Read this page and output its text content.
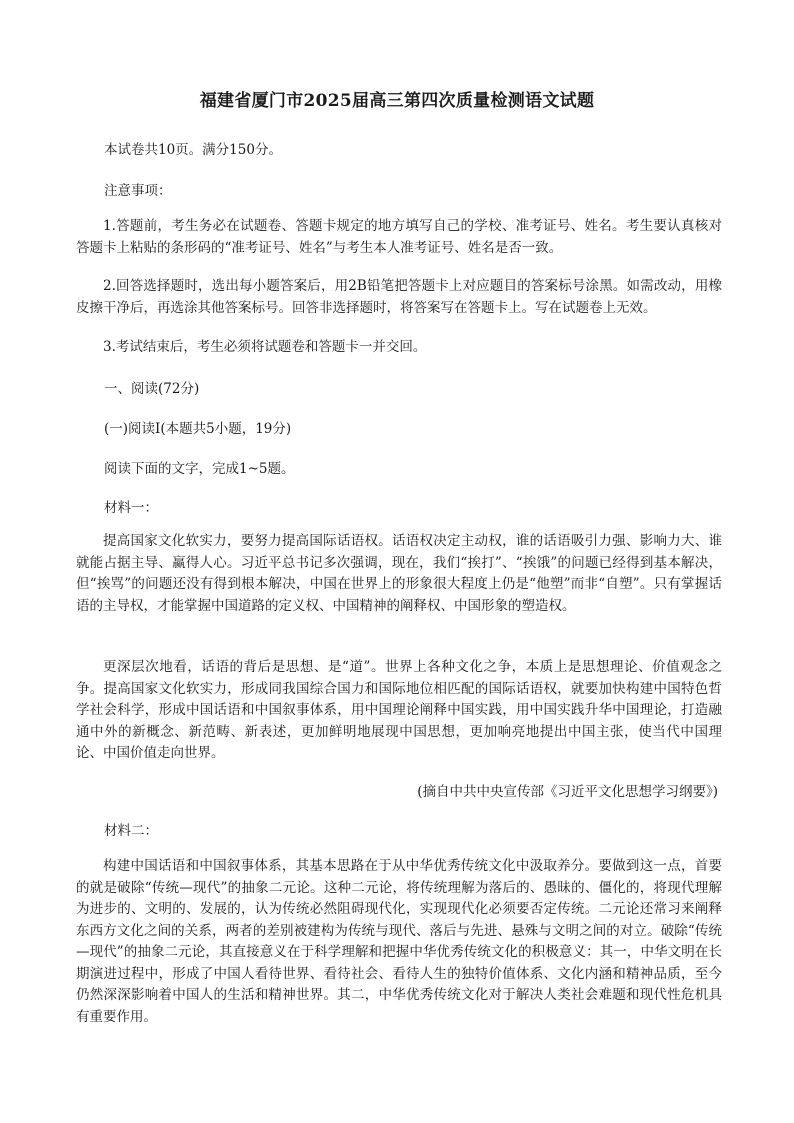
福建省厦门市2025届高三第四次质量检测语文试题
本试卷共10页。满分150分。
注意事项：
1.答题前，考生务必在试题卷、答题卡规定的地方填写自己的学校、准考证号、姓名。考生要认真核对答题卡上粘贴的条形码的“准考证号、姓名”与考生本人准考证号、姓名是否一致。
2.回答选择题时，选出每小题答案后，用2B铅笔把答题卡上对应题目的答案标号涂黑。如需改动，用橡皮擦干净后，再选涂其他答案标号。回答非选择题时，将答案写在答题卡上。写在试题卷上无效。
3.考试结束后，考生必须将试题卷和答题卡一并交回。
一、阅读(72分)
(一)阅读Ⅰ(本题共5小题，19分)
阅读下面的文字，完成1~5题。
材料一：
提高国家文化软实力，要努力提高国际话语权。话语权决定主动权，谁的话语吸引力强、影响力大、谁就能占据主导、赢得人心。习近平总书记多次强调，现在，我们“挨打”、“挨饿”的问题已经得到基本解决，但“挨骂”的问题还没有得到根本解决，中国在世界上的形象很大程度上仍是“他塑”而非“自塑”。只有掌握话语的主导权，才能掌握中国道路的定义权、中国精神的阐释权、中国形象的塑造权。
更深层次地看，话语的背后是思想、是“道”。世界上各种文化之争，本质上是思想理论、价值观念之争。提高国家文化软实力，形成同我国综合国力和国际地位相匹配的国际话语权，就要加快构建中国特色哲学社会科学，形成中国话语和中国叙事体系，用中国理论阐释中国实践，用中国实践升华中国理论，打造融通中外的新概念、新范畴、新表述，更加鲜明地展现中国思想，更加响亮地提出中国主张，使当代中国理论、中国价值走向世界。
(摘自中共中央宣传部《习近平文化思想学习纲要》)
材料二：
构建中国话语和中国叙事体系，其基本思路在于从中华优秀传统文化中汲取养分。要做到这一点，首要的就是破除“传统—现代”的抽象二元论。这种二元论，将传统理解为落后的、愚昧的、僵化的，将现代理解为进步的、文明的、发展的，认为传统必然阻碍现代化，实现现代化必须要否定传统。二元论还常习来阐释东西方文化之间的关系，两者的差别被建构为传统与现代、落后与先进、悬殊与文明之间的对立。破除“传统—现代”的抽象二元论，其直接意义在于科学理解和把握中华优秀传统文化的积极意义：其一，中华文明在长期演进过程中，形成了中国人看待世界、看待社会、看待人生的独特价值体系、文化内涵和精神品质，至今仍然深深影响着中国人的生活和精神世界。其二，中华优秀传统文化对于解决人类社会难题和现代性危机具有重要作用。
